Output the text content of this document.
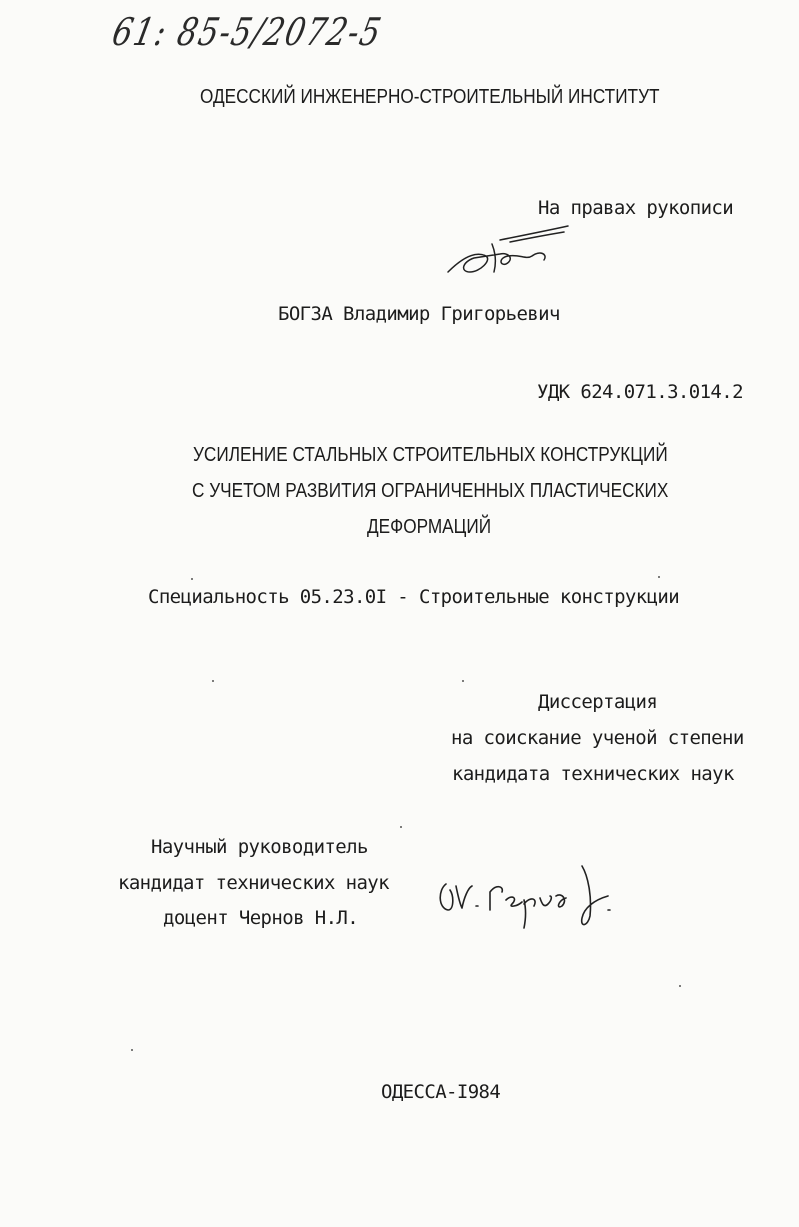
61: 85-5/2072-5
ОДЕССКИЙ ИНЖЕНЕРНО-СТРОИТЕЛЬНЫЙ ИНСТИТУТ
На правах рукописи
БОГЗА Владимир Григорьевич
УДК 624.071.3.014.2
УСИЛЕНИЕ СТАЛЬНЫХ СТРОИТЕЛЬНЫХ КОНСТРУКЦИЙ
С УЧЕТОМ РАЗВИТИЯ ОГРАНИЧЕННЫХ ПЛАСТИЧЕСКИХ
ДЕФОРМАЦИЙ
Специальность 05.23.0I - Строительные конструкции
Диссертация
на соискание ученой степени
кандидата технических наук
Научный руководитель
кандидат технических наук
доцент Чернов Н.Л.
ОДЕССА-I984
